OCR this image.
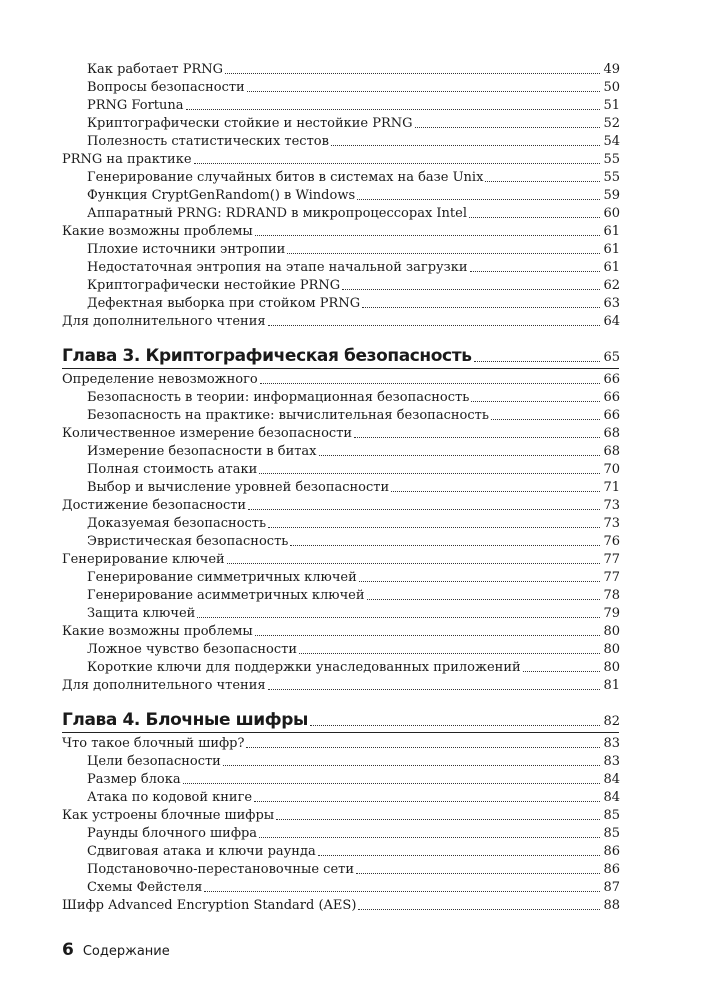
Как работает PRNG	49
Вопросы безопасности	50
PRNG Fortuna	51
Криптографически стойкие и нестойкие PRNG	52
Полезность статистических тестов	54
PRNG на практике	55
Генерирование случайных битов в системах на базе Unix	55
Функция CryptGenRandom() в Windows	59
Аппаратный PRNG: RDRAND в микропроцессорах Intel	60
Какие возможны проблемы	61
Плохие источники энтропии	61
Недостаточная энтропия на этапе начальной загрузки	61
Криптографически нестойкие PRNG	62
Дефектная выборка при стойком PRNG	63
Для дополнительного чтения	64
Глава 3. Криптографическая безопасность	65
Определение невозможного	66
Безопасность в теории: информационная безопасность	66
Безопасность на практике: вычислительная безопасность	66
Количественное измерение безопасности	68
Измерение безопасности в битах	68
Полная стоимость атаки	70
Выбор и вычисление уровней безопасности	71
Достижение безопасности	73
Доказуемая безопасность	73
Эвристическая безопасность	76
Генерирование ключей	77
Генерирование симметричных ключей	77
Генерирование асимметричных ключей	78
Защита ключей	79
Какие возможны проблемы	80
Ложное чувство безопасности	80
Короткие ключи для поддержки унаследованных приложений	80
Для дополнительного чтения	81
Глава 4. Блочные шифры	82
Что такое блочный шифр?	83
Цели безопасности	83
Размер блока	84
Атака по кодовой книге	84
Как устроены блочные шифры	85
Раунды блочного шифра	85
Сдвиговая атака и ключи раунда	86
Подстановочно-перестановочные сети	86
Схемы Фейстеля	87
Шифр Advanced Encryption Standard (AES)	88
6 Содержание
